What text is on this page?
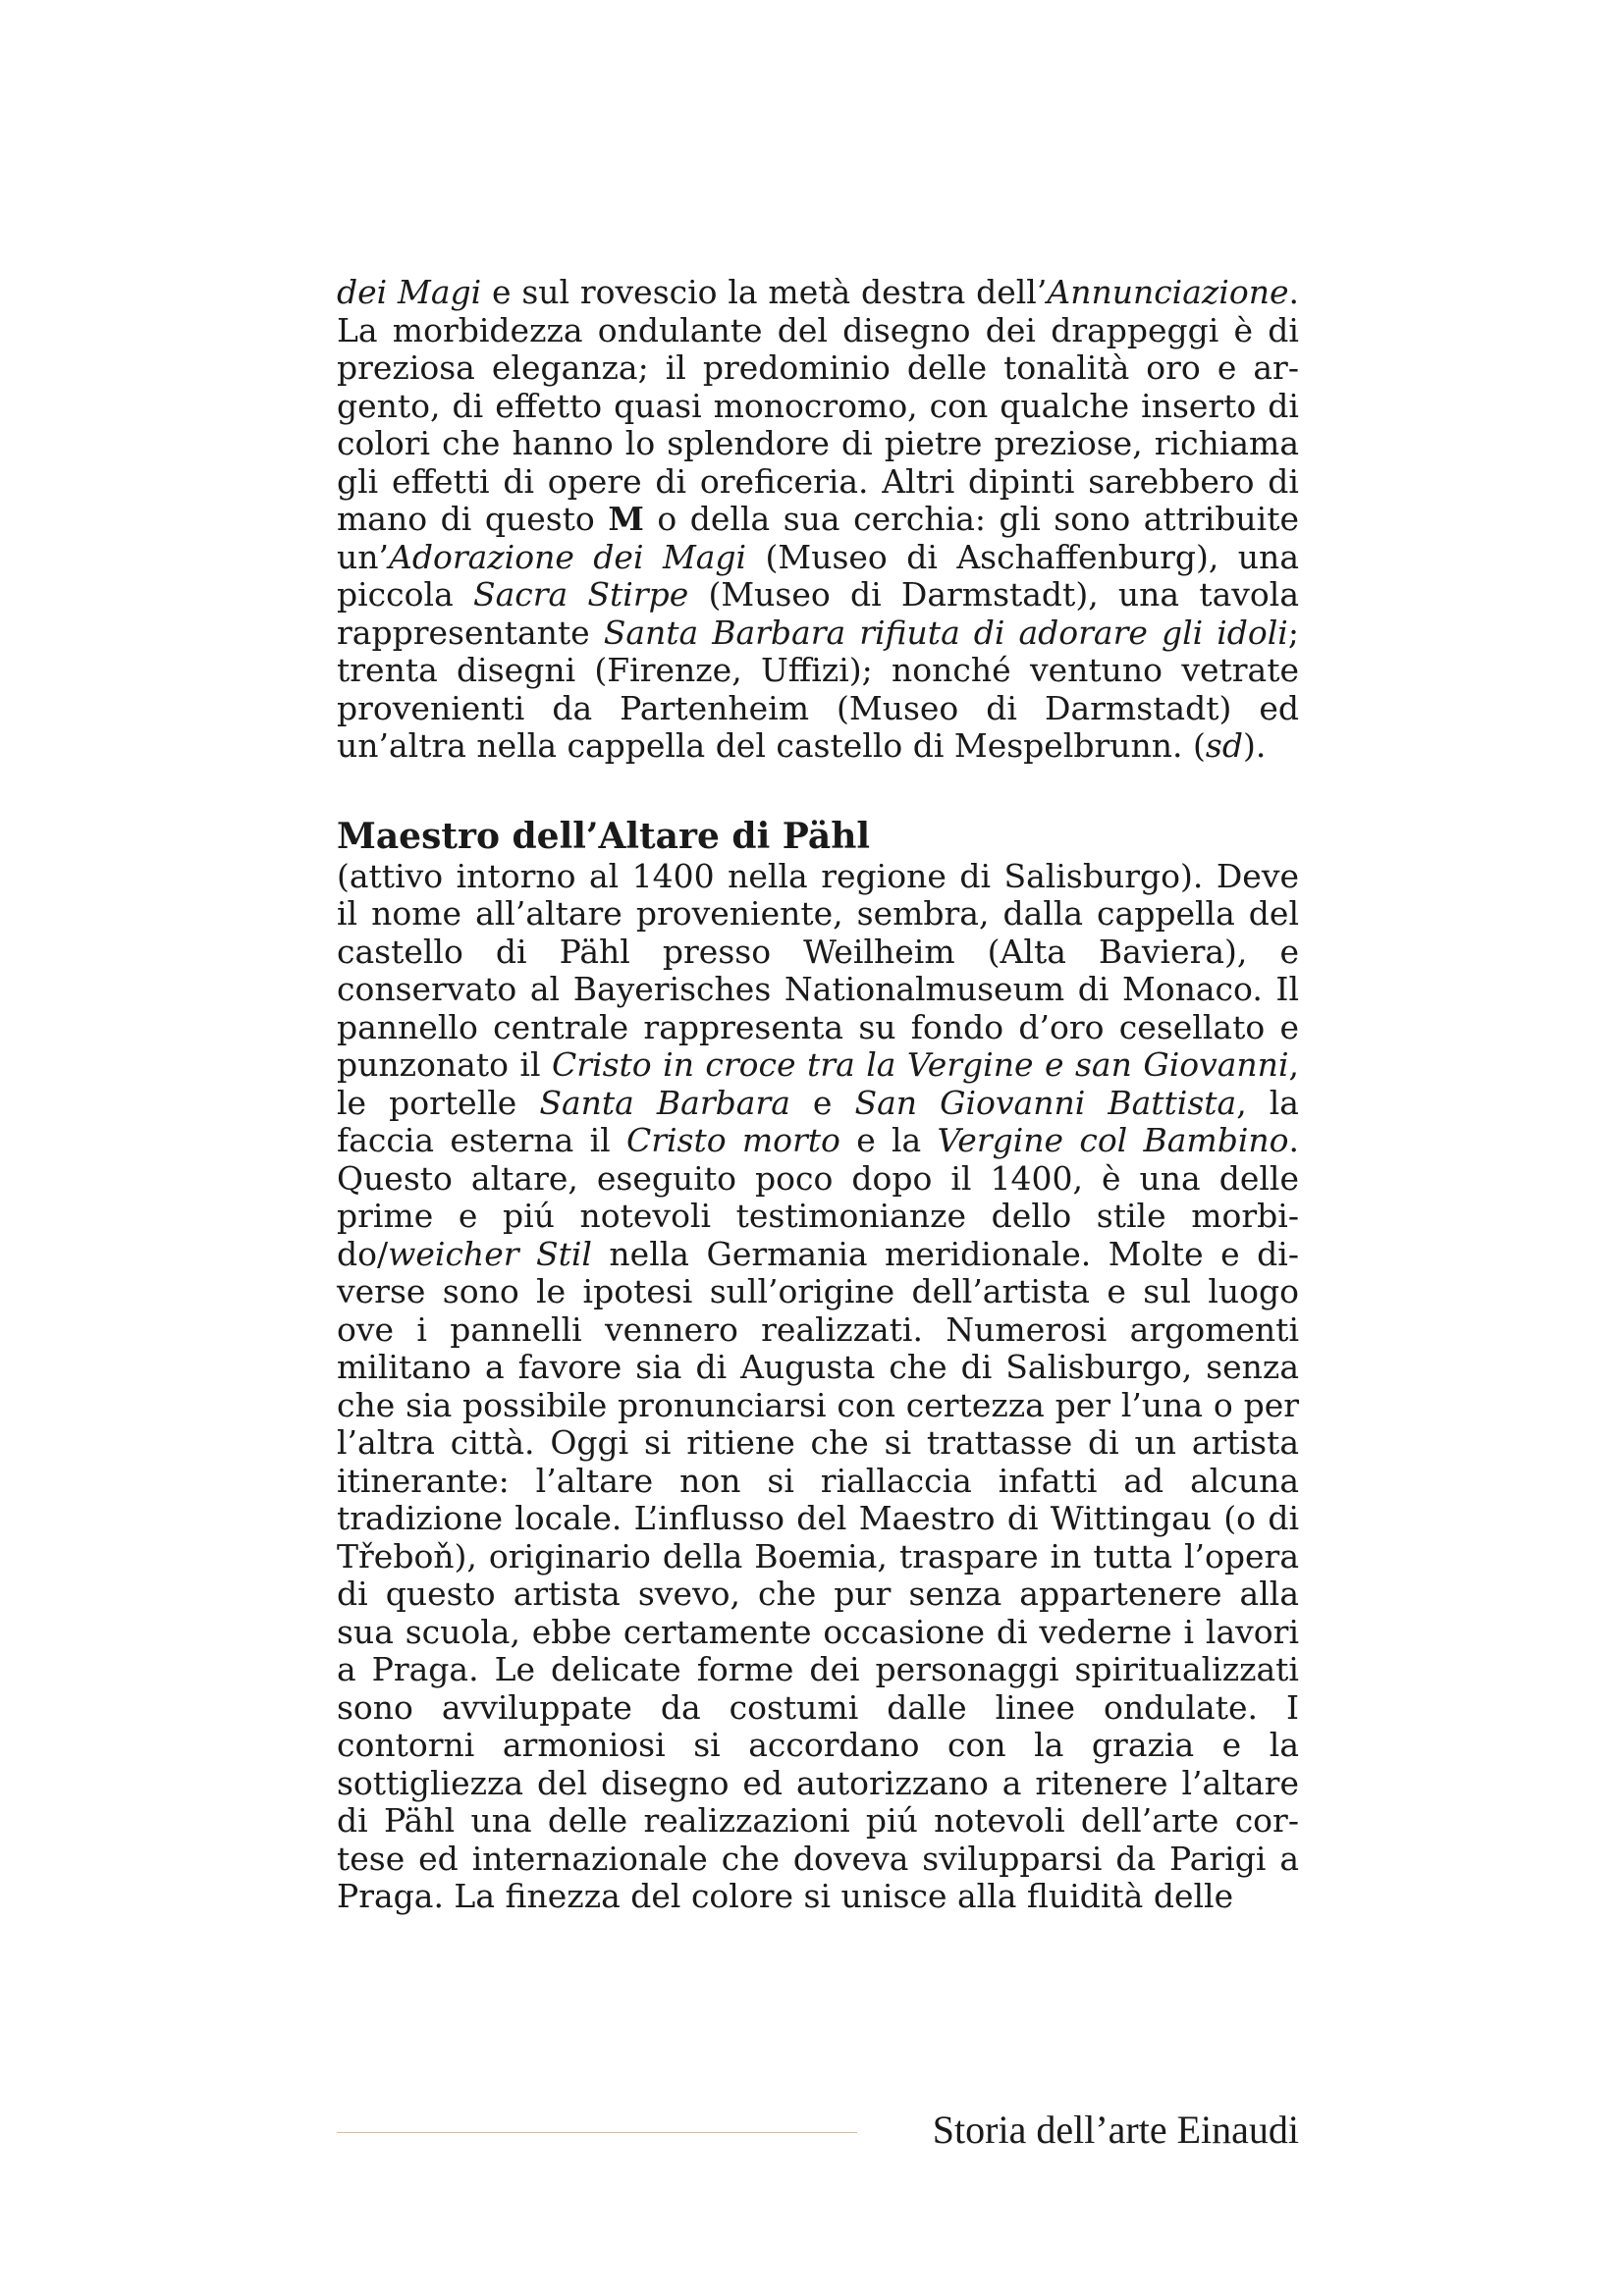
dei Magi e sul rovescio la metà destra dell’Annunciazione. La morbidezza ondulante del disegno dei drappeggi è di preziosa eleganza; il predominio delle tonalità oro e argento, di effetto quasi monocromo, con qualche inserto di colori che hanno lo splendore di pietre preziose, richiama gli effetti di opere di oreficeria. Altri dipinti sarebbero di mano di questo M o della sua cerchia: gli sono attribuite un’Adorazione dei Magi (Museo di Aschaffenburg), una piccola Sacra Stirpe (Museo di Darmstadt), una tavola rappresentante Santa Barbara rifiuta di adorare gli idoli; trenta disegni (Firenze, Uffizi); nonché ventuno vetrate provenienti da Partenheim (Museo di Darmstadt) ed un’altra nella cappella del castello di Mespelbrunn. (sd).

Maestro dell’Altare di Pähl

(attivo intorno al 1400 nella regione di Salisburgo). Deve il nome all’altare proveniente, sembra, dalla cappella del castello di Pähl presso Weilheim (Alta Baviera), e conservato al Bayerisches Nationalmuseum di Monaco. Il pannello centrale rappresenta su fondo d’oro cesellato e punzonato il Cristo in croce tra la Vergine e san Giovanni, le portelle Santa Barbara e San Giovanni Battista, la faccia esterna il Cristo morto e la Vergine col Bambino. Questo altare, eseguito poco dopo il 1400, è una delle prime e piú notevoli testimonianze dello stile morbido/weicher Stil nella Germania meridionale. Molte e diverse sono le ipotesi sull’origine dell’artista e sul luogo ove i pannelli vennero realizzati. Numerosi argomenti militano a favore sia di Augusta che di Salisburgo, senza che sia possibile pronunciarsi con certezza per l’una o per l’altra città. Oggi si ritiene che si trattasse di un artista itinerante: l’altare non si riallaccia infatti ad alcuna tradizione locale. L’influsso del Maestro di Wittingau (o di Třeboň), originario della Boemia, traspare in tutta l’opera di questo artista svevo, che pur senza appartenere alla sua scuola, ebbe certamente occasione di vederne i lavori a Praga. Le delicate forme dei personaggi spiritualizzati sono avviluppate da costumi dalle linee ondulate. I contorni armoniosi si accordano con la grazia e la sottigliezza del disegno ed autorizzano a ritenere l’altare di Pähl una delle realizzazioni piú notevoli dell’arte cortese ed internazionale che doveva svilupparsi da Parigi a Praga. La finezza del colore si unisce alla fluidità delle

Storia dell’arte Einaudi
